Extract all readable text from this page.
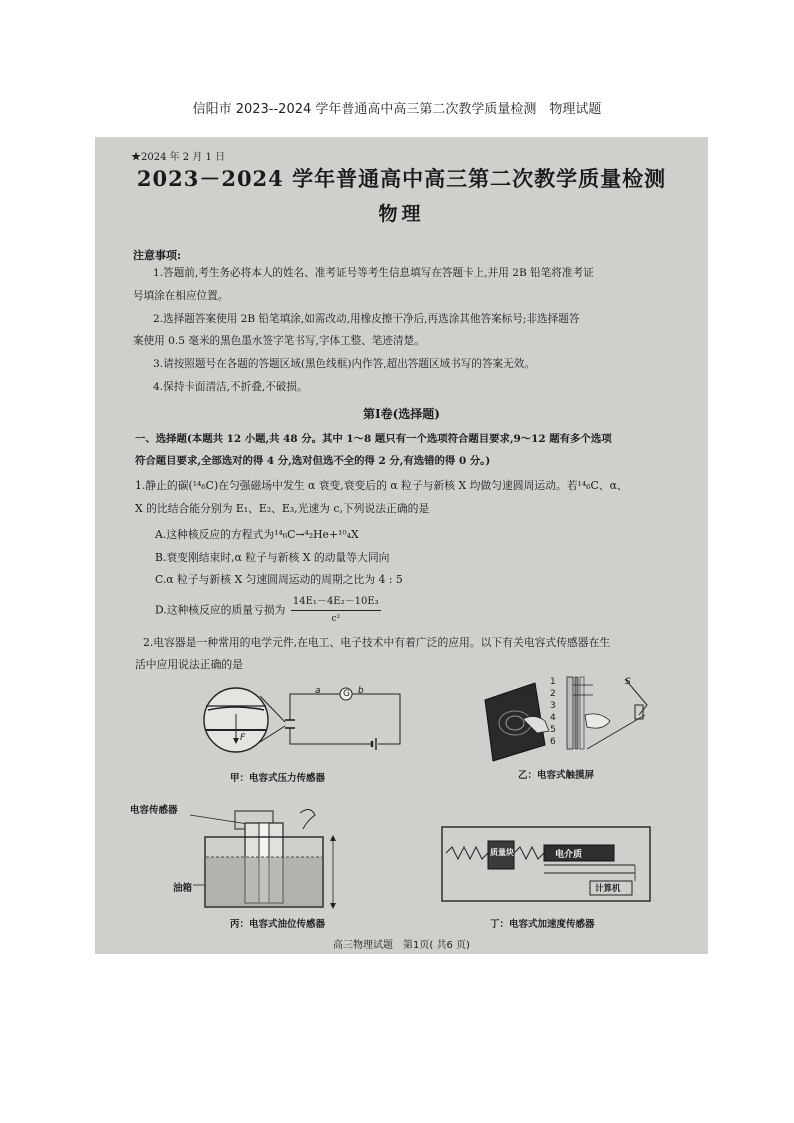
信阳市 2023--2024 学年普通高中高三第二次教学质量检测　物理试题
★2024 年 2 月 1 日
2023－2024 学年普通高中高三第二次教学质量检测
物理
注意事项:
1.答题前,考生务必将本人的姓名、准考证号等考生信息填写在答题卡上,并用 2B 铅笔将准考证
号填涂在相应位置。
2.选择题答案使用 2B 铅笔填涂,如需改动,用橡皮擦干净后,再选涂其他答案标号;非选择题答
案使用 0.5 毫米的黑色墨水签字笔书写,字体工整、笔迹清楚。
3.请按照题号在各题的答题区域(黑色线框)内作答,超出答题区域书写的答案无效。
4.保持卡面清洁,不折叠,不破损。
第Ⅰ卷(选择题)
一、选择题(本题共 12 小题,共 48 分。其中 1～8 题只有一个选项符合题目要求,9～12 题有多个选项
符合题目要求,全部选对的得 4 分,选对但选不全的得 2 分,有选错的得 0 分。)
1.静止的碳(¹⁴₆C)在匀强磁场中发生 α 衰变,衰变后的 α 粒子与新核 X 均做匀速圆周运动。若¹⁴₆C、α、
X 的比结合能分别为 E₁、E₂、E₃,光速为 c,下列说法正确的是
A.这种核反应的方程式为¹⁴₆C→⁴₂He+¹⁰₄X
B.衰变刚结束时,α 粒子与新核 X 的动量等大同向
C.α 粒子与新核 X 匀速圆周运动的周期之比为 4 : 5
D.这种核反应的质量亏损为 $\frac{\text{14E₁－4E₂－10E₃}}{\text{c²}}$
2.电容器是一种常用的电学元件,在电工、电子技术中有着广泛的应用。以下有关电容式传感器在生
活中应用说法正确的是
a G b
F
甲：电容式压力传感器
1
2
3
4
5
6
S
乙：电容式触摸屏
电容传感器
油箱
丙：电容式油位传感器
质量块	电介质
计算机
丁：电容式加速度传感器
高三物理试题　第1页( 共6 页)
